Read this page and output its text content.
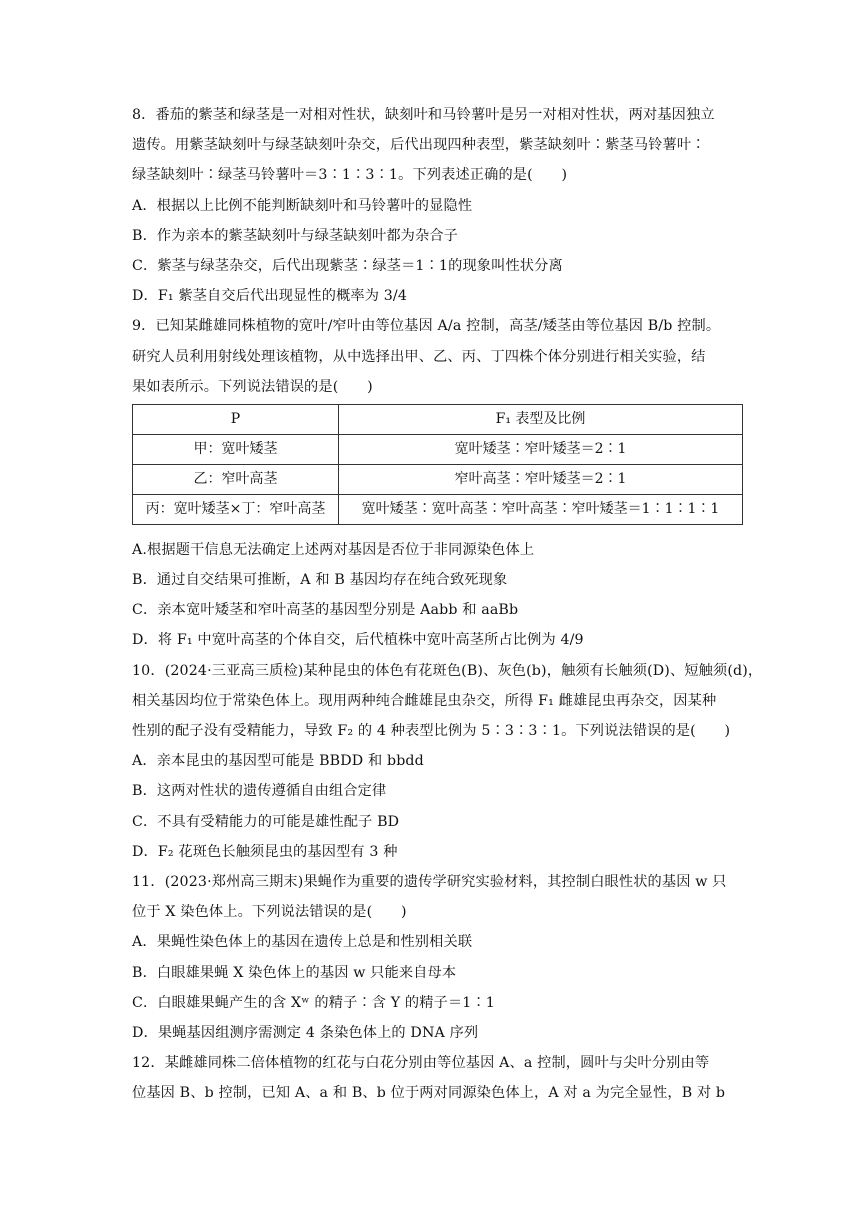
8．番茄的紫茎和绿茎是一对相对性状，缺刻叶和马铃薯叶是另一对相对性状，两对基因独立
遗传。用紫茎缺刻叶与绿茎缺刻叶杂交，后代出现四种表型，紫茎缺刻叶∶紫茎马铃薯叶∶
绿茎缺刻叶∶绿茎马铃薯叶＝3∶1∶3∶1。下列表述正确的是(　　)
A．根据以上比例不能判断缺刻叶和马铃薯叶的显隐性
B．作为亲本的紫茎缺刻叶与绿茎缺刻叶都为杂合子
C．紫茎与绿茎杂交，后代出现紫茎∶绿茎＝1∶1的现象叫性状分离
D．F₁ 紫茎自交后代出现显性的概率为 3/4
9．已知某雌雄同株植物的宽叶/窄叶由等位基因 A/a 控制，高茎/矮茎由等位基因 B/b 控制。
研究人员利用射线处理该植物，从中选择出甲、乙、丙、丁四株个体分别进行相关实验，结
果如表所示。下列说法错误的是(　　)
P	F₁ 表型及比例
甲：宽叶矮茎	宽叶矮茎∶窄叶矮茎＝2∶1
乙：窄叶高茎	窄叶高茎∶窄叶矮茎＝2∶1
丙：宽叶矮茎×丁：窄叶高茎	宽叶矮茎∶宽叶高茎∶窄叶高茎∶窄叶矮茎＝1∶1∶1∶1
A.根据题干信息无法确定上述两对基因是否位于非同源染色体上
B．通过自交结果可推断，A 和 B 基因均存在纯合致死现象
C．亲本宽叶矮茎和窄叶高茎的基因型分别是 Aabb 和 aaBb
D．将 F₁ 中宽叶高茎的个体自交，后代植株中宽叶高茎所占比例为 4/9
10．(2024·三亚高三质检)某种昆虫的体色有花斑色(B)、灰色(b)，触须有长触须(D)、短触须(d)，
相关基因均位于常染色体上。现用两种纯合雌雄昆虫杂交，所得 F₁ 雌雄昆虫再杂交，因某种
性别的配子没有受精能力，导致 F₂ 的 4 种表型比例为 5∶3∶3∶1。下列说法错误的是(　　)
A．亲本昆虫的基因型可能是 BBDD 和 bbdd
B．这两对性状的遗传遵循自由组合定律
C．不具有受精能力的可能是雄性配子 BD
D．F₂ 花斑色长触须昆虫的基因型有 3 种
11．(2023·郑州高三期末)果蝇作为重要的遗传学研究实验材料，其控制白眼性状的基因 w 只
位于 X 染色体上。下列说法错误的是(　　)
A．果蝇性染色体上的基因在遗传上总是和性别相关联
B．白眼雄果蝇 X 染色体上的基因 w 只能来自母本
C．白眼雄果蝇产生的含 Xʷ 的精子∶含 Y 的精子＝1∶1
D．果蝇基因组测序需测定 4 条染色体上的 DNA 序列
12．某雌雄同株二倍体植物的红花与白花分别由等位基因 A、a 控制，圆叶与尖叶分别由等
位基因 B、b 控制，已知 A、a 和 B、b 位于两对同源染色体上，A 对 a 为完全显性，B 对 b
